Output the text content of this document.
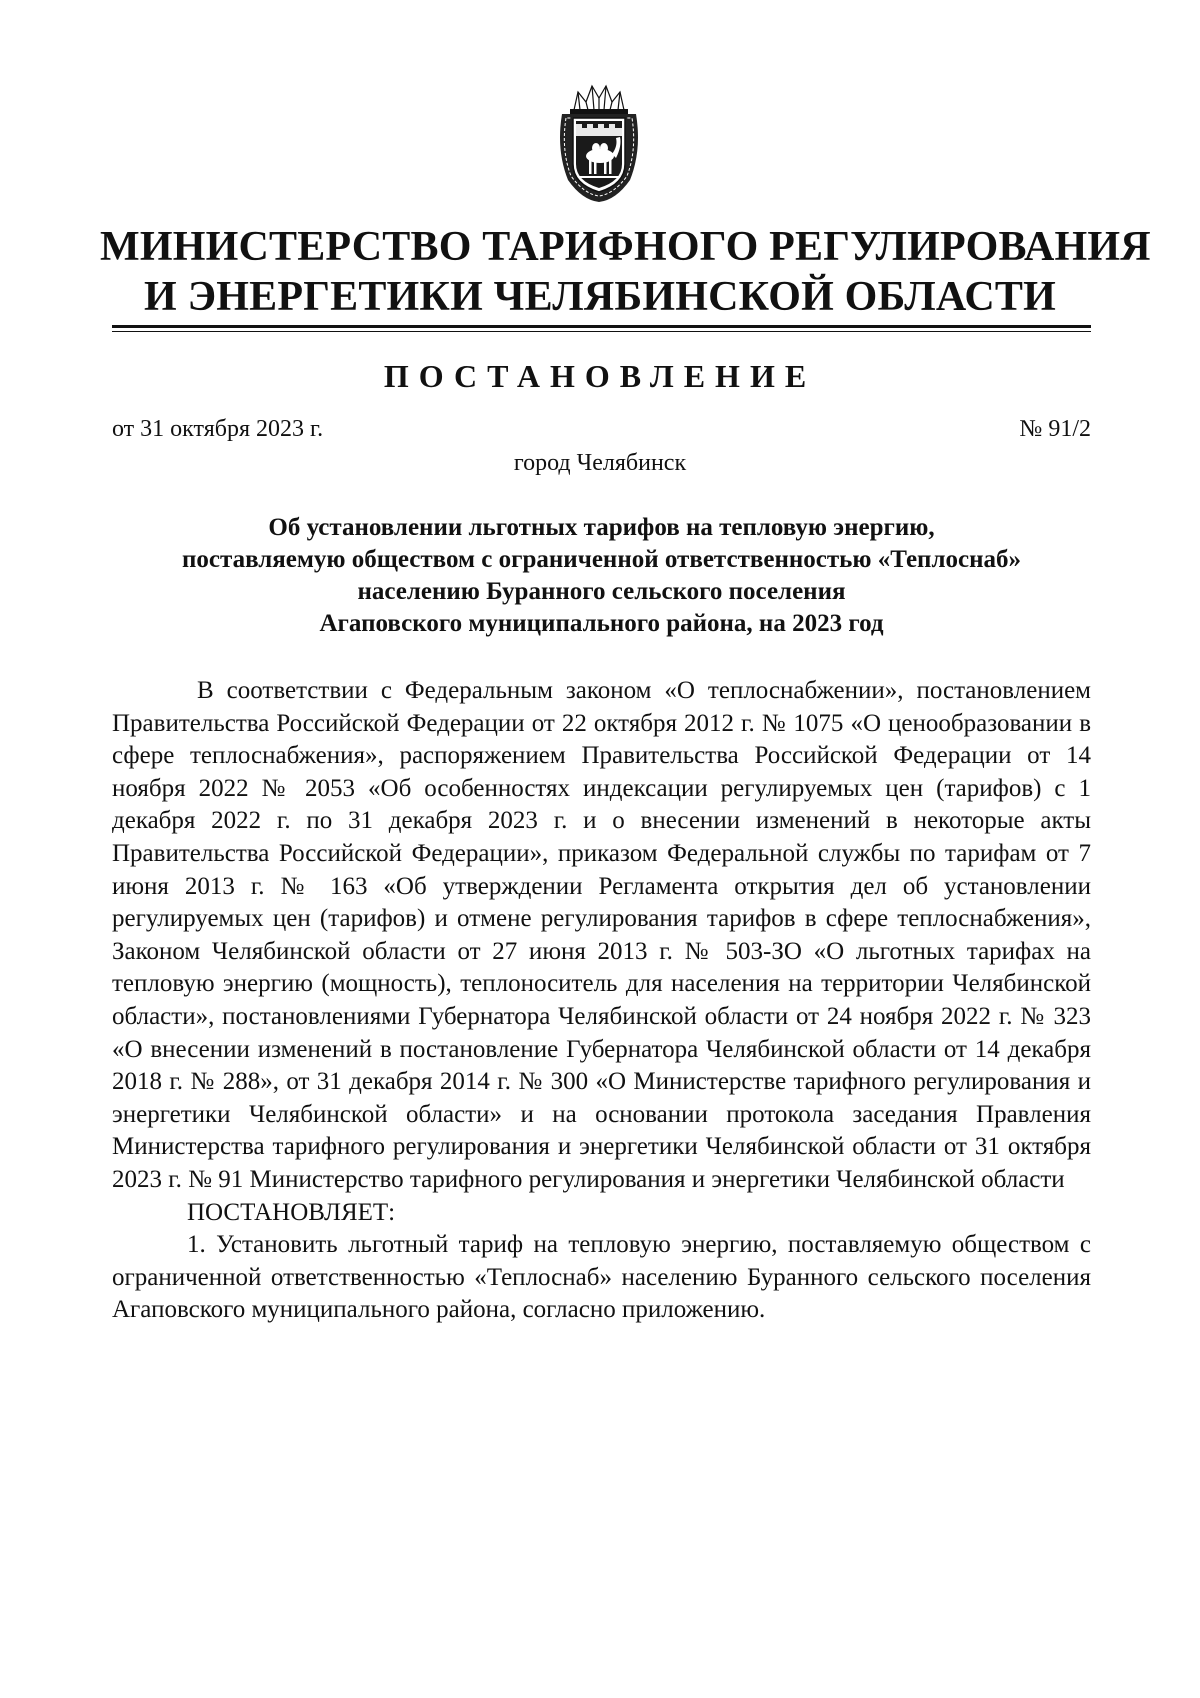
МИНИСТЕРСТВО ТАРИФНОГО РЕГУЛИРОВАНИЯ
И ЭНЕРГЕТИКИ ЧЕЛЯБИНСКОЙ ОБЛАСТИ
ПОСТАНОВЛЕНИЕ
от 31 октября 2023 г.	№ 91/2
город Челябинск
Об установлении льготных тарифов на тепловую энергию,
поставляемую обществом с ограниченной ответственностью «Теплоснаб»
населению Буранного сельского поселения
Агаповского муниципального района, на 2023 год

В соответствии с Федеральным законом «О теплоснабжении», постановлением Правительства Российской Федерации от 22 октября 2012 г. № 1075 «О ценообразовании в сфере теплоснабжения», распоряжением Правительства Российской Федерации от 14 ноября 2022 № 2053 «Об особенностях индексации регулируемых цен (тарифов) с 1 декабря 2022 г. по 31 декабря 2023 г. и о внесении изменений в некоторые акты Правительства Российской Федерации», приказом Федеральной службы по тарифам от 7 июня 2013 г. № 163 «Об утверждении Регламента открытия дел об установлении регулируемых цен (тарифов) и отмене регулирования тарифов в сфере теплоснабжения», Законом Челябинской области от 27 июня 2013 г. № 503-ЗО «О льготных тарифах на тепловую энергию (мощность), теплоноситель для населения на территории Челябинской области», постановлениями Губернатора Челябинской области от 24 ноября 2022 г. № 323 «О внесении изменений в постановление Губернатора Челябинской области от 14 декабря 2018 г. № 288», от 31 декабря 2014 г. № 300 «О Министерстве тарифного регулирования и энергетики Челябинской области» и на основании протокола заседания Правления Министерства тарифного регулирования и энергетики Челябинской области от 31 октября 2023 г. № 91 Министерство тарифного регулирования и энергетики Челябинской области

ПОСТАНОВЛЯЕТ:

1. Установить льготный тариф на тепловую энергию, поставляемую обществом с ограниченной ответственностью «Теплоснаб» населению Буранного сельского поселения Агаповского муниципального района, согласно приложению.
